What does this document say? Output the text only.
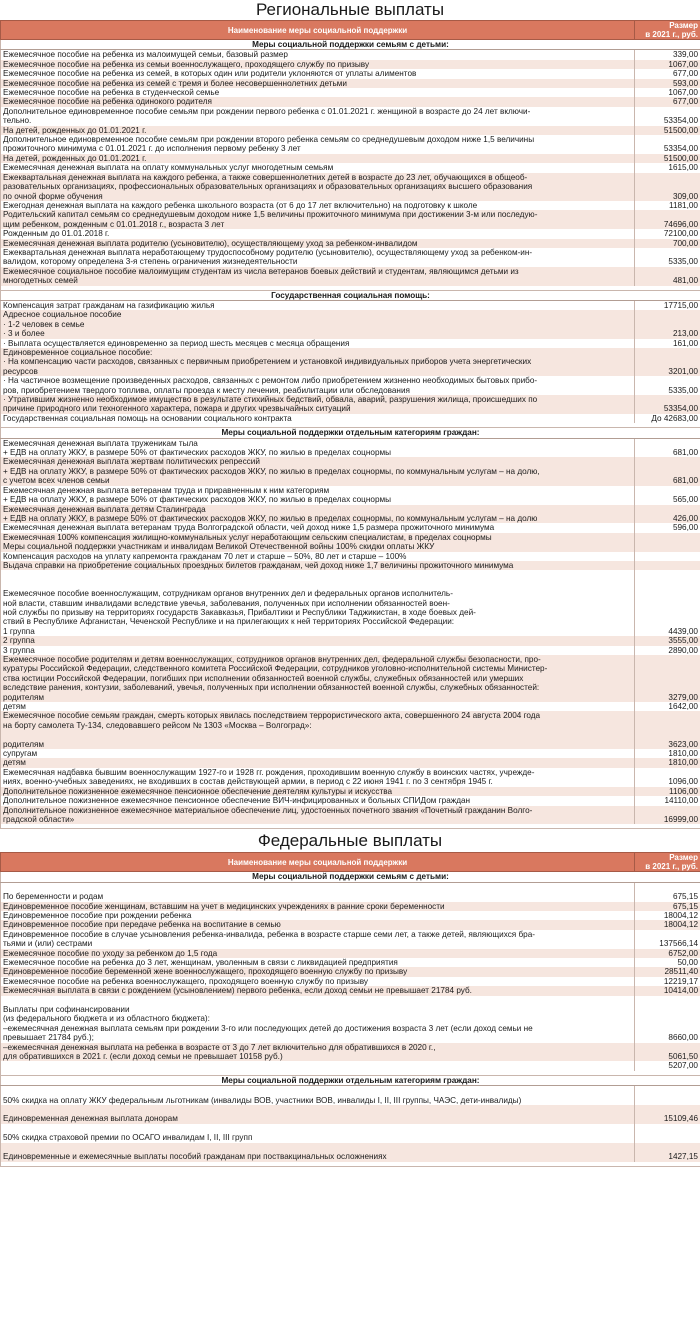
Региональные выплаты
Наименование меры социальной поддержки	Размер
в 2021 г., руб.
Меры социальной поддержки семьям с детьми:	
Ежемесячное пособие на ребенка из малоимущей семьи, базовый размер	339,00
Ежемесячное пособие на ребенка из семьи военнослужащего, проходящего службу по призыву	1067,00
Ежемесячное пособие на ребенка из семей, в которых один или родители уклоняются от уплаты алиментов	677,00
Ежемесячное пособие на ребенка из семей с тремя и более несовершеннолетних детьми	593,00
Ежемесячное пособие на ребенка в студенческой семье	1067,00
Ежемесячное пособие на ребенка одинокого родителя	677,00
Дополнительное единовременное пособие семьям при рождении первого ребенка с 01.01.2021 г. женщиной в возрасте до 24 лет включи-
тельно.	53354,00
На детей, рожденных до 01.01.2021 г.	51500,00
Дополнительное единовременное пособие семьям при рождении второго ребенка семьям со среднедушевым доходом ниже 1,5 величины
прожиточного минимума с 01.01.2021 г. до исполнения первому ребенку 3 лет	53354,00
На детей, рожденных до 01.01.2021 г.	51500,00
Ежемесячная денежная выплата на оплату коммунальных услуг многодетным семьям	1615,00
Ежеквартальная денежная выплата на каждого ребенка, а также совершеннолетних детей в возрасте до 23 лет, обучающихся в общеоб-
разовательных организациях, профессиональных образовательных организациях и образовательных организациях высшего образования
по очной форме обучения	309,00
Ежегодная денежная выплата на каждого ребенка школьного возраста (от 6 до 17 лет включительно) на подготовку к школе	1181,00
Родительский капитал семьям со среднедушевым доходом ниже 1,5 величины прожиточного минимума при достижении 3-м или последую-
щим ребенком, рожденным с 01.01.2018 г., возраста 3 лет	74696,00
Рожденным до 01.01.2018 г.	72100,00
Ежемесячная денежная выплата родителю (усыновителю), осуществляющему уход за ребенком-инвалидом	700,00
Ежеквартальная денежная выплата неработающему трудоспособному родителю (усыновителю), осуществляющему уход за ребенком-ин-
валидом, которому определена 3-я степень ограничения жизнедеятельности	5335,00
Ежемесячное социальное пособие малоимущим студентам из числа ветеранов боевых действий и студентам, являющимся детьми из
многодетных семей	481,00

Государственная социальная помощь:	
Компенсация затрат гражданам на газификацию жилья	17715,00
Адресное социальное пособие
· 1-2 человек в семье
· 3 и более	213,00
· Выплата осуществляется единовременно за период шесть месяцев с месяца обращения	161,00
Единовременное социальное пособие:
· На компенсацию части расходов, связанных с первичным приобретением и установкой индивидуальных приборов учета энергетических
ресурсов	3201,00
· На частичное возмещение произведенных расходов, связанных с ремонтом либо приобретением жизненно необходимых бытовых прибо-
ров, приобретением твердого топлива, оплаты проезда к месту лечения, реабилитации или обследования	5335,00
· Утратившим жизненно необходимое имущество в результате стихийных бедствий, обвала, аварий, разрушения жилища, происшедших по
причине природного или техногенного характера, пожара и других чрезвычайных ситуаций	53354,00
Государственная социальная помощь на основании социального контракта	До 42683,00

Меры социальной поддержки отдельным категориям граждан:	
Ежемесячная денежная выплата труженикам тыла
+ ЕДВ на оплату ЖКУ, в размере 50% от фактических расходов ЖКУ, по жилью в пределах соцнормы	681,00
Ежемесячная денежная выплата жертвам политических репрессий
+ ЕДВ на оплату ЖКУ, в размере 50% от фактических расходов ЖКУ, по жилью в пределах соцнормы, по коммунальным услугам – на долю,
с учетом всех членов семьи	681,00
Ежемесячная денежная выплата ветеранам труда и приравненным к ним категориям
+ ЕДВ на оплату ЖКУ, в размере 50% от фактических расходов ЖКУ, по жилью в пределах соцнормы	565,00
Ежемесячная денежная выплата детям Сталинграда
+ ЕДВ на оплату ЖКУ, в размере 50% от фактических расходов ЖКУ, по жилью в пределах соцнормы, по коммунальным услугам – на долю	426,00
Ежемесячная денежная выплата ветеранам труда Волгоградской области, чей доход ниже 1,5 размера прожиточного минимума	596,00
Ежемесячная 100% компенсация жилищно-коммунальных услуг неработающим сельским специалистам, в пределах соцнормы	

Меры социальной поддержки участникам и инвалидам Великой Отечественной войны 100% скидки оплаты ЖКУ	
Компенсация расходов на уплату капремонта гражданам 70 лет и старше – 50%, 80 лет и старше – 100%	
Выдача справки на приобретение социальных проездных билетов гражданам, чей доход ниже 1,7 величины прожиточного минимума	

Ежемесячное пособие военнослужащим, сотрудникам органов внутренних дел и федеральных органов исполнитель-
ной власти, ставшим инвалидами вследствие увечья, заболевания, полученных при исполнении обязанностей воен-
ной службы по призыву на территориях государств Закавказья, Прибалтики и Республики Таджикистан, в ходе боевых дей-
ствий в Республике Афганистан, Чеченской Республике и на прилегающих к ней территориях Российской Федерации:
1 группа	4439,00
2 группа	3555,00
3 группа	2890,00
Ежемесячное пособие родителям и детям военнослужащих, сотрудников органов внутренних дел, федеральной службы безопасности, про-
куратуры Российской Федерации, следственного комитета Российской Федерации, сотрудников уголовно-исполнительной системы Министер-
ства юстиции Российской Федерации, погибших при исполнении обязанностей военной службы, служебных обязанностей или умерших
вследствие ранения, контузии, заболеваний, увечья, полученных при исполнении обязанностей военной службы, служебных обязанностей:
родителям	3279,00
детям	1642,00
Ежемесячное пособие семьям граждан, смерть которых явилась последствием террористического акта, совершенного 24 августа 2004 года
на борту самолета Ту-134, следовавшего рейсом № 1303 «Москва – Волгоград»:

родителям	3623,00
супругам	1810,00
детям	1810,00
Ежемесячная надбавка бывшим военнослужащим 1927-го и 1928 гг. рождения, проходившим военную службу в воинских частях, учрежде-
ниях, военно-учебных заведениях, не входивших в состав действующей армии, в период с 22 июня 1941 г. по 3 сентября 1945 г.	1096,00
Дополнительное пожизненное ежемесячное пенсионное обеспечение деятелям культуры и искусства	1106,00
Дополнительное пожизненное ежемесячное пенсионное обеспечение ВИЧ-инфицированных и больных СПИДом граждан	14110,00
Дополнительное пожизненное ежемесячное материальное обеспечение лиц, удостоенных почетного звания «Почетный гражданин Волго-
градской области»	16999,00

Федеральные выплаты
Наименование меры социальной поддержки	Размер
в 2021 г., руб.
Меры социальной поддержки семьям с детьми:	

По беременности и родам	675,15
Единовременное пособие женщинам, вставшим на учет в медицинских учреждениях в ранние сроки беременности	675,15
Единовременное пособие при рождении ребенка	18004,12
Единовременное пособие при передаче ребенка на воспитание в семью	18004,12
Единовременное пособие в случае усыновления ребенка-инвалида, ребенка в возрасте старше семи лет, а также детей, являющихся бра-
тьями и (или) сестрами	137566,14
Ежемесячное пособие по уходу за ребенком до 1,5 года	6752,00
Ежемесячное пособие на ребенка до 3 лет, женщинам, уволенным в связи с ликвидацией предприятия	50,00
Единовременное пособие беременной жене военнослужащего, проходящего военную службу по призыву	28511,40
Ежемесячное пособие на ребенка военнослужащего, проходящего военную службу по призыву	12219,17
Ежемесячная выплата в связи с рождением (усыновлением) первого ребенка, если доход семьи не превышает 21784 руб.	10414,00

Выплаты при софинансировании
(из федерального бюджета и из областного бюджета):
–ежемесячная денежная выплата семьям при рождении 3-го или последующих детей до достижения возраста 3 лет (если доход семьи не
превышает 21784 руб.);	8660,00
–ежемесячная денежная выплата на ребенка в возрасте от 3 до 7 лет включительно для обратившихся в 2020 г.,
для обратившихся в 2021 г. (если доход семьи не превышает 10158 руб.)	5061,50
	5207,00

Меры социальной поддержки отдельным категориям граждан:	

50% скидка на оплату ЖКУ федеральным льготникам (инвалиды ВОВ, участники ВОВ, инвалиды I, II, III группы, ЧАЭС, дети-инвалиды)

Единовременная денежная выплата донорам	15109,46

50% скидка страховой премии по ОСАГО инвалидам I, II, III групп

Единовременные и ежемесячные выплаты пособий гражданам при поствакцинальных осложнениях	1427,15
